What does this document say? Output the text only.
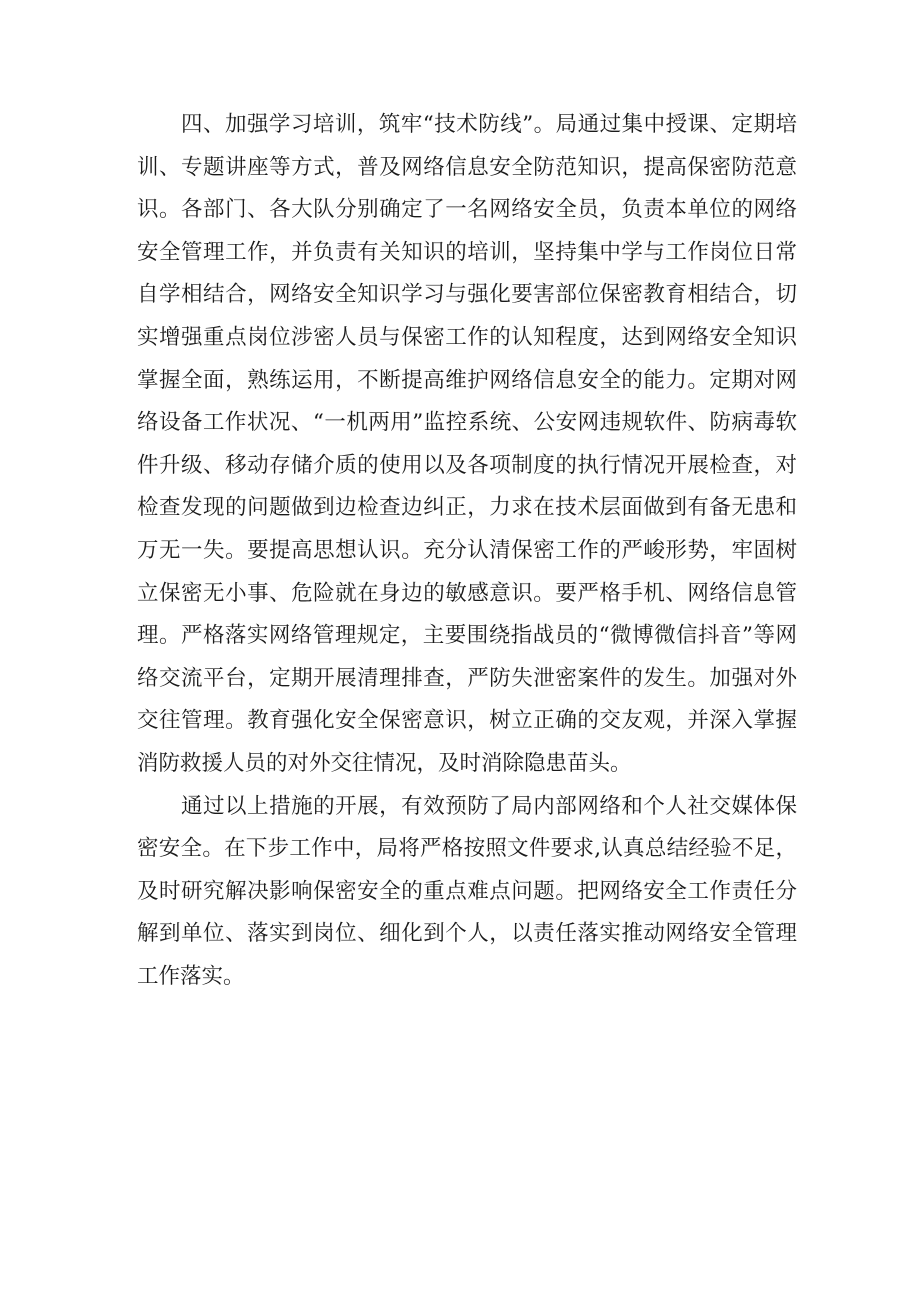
四、加强学习培训，筑牢“技术防线”。局通过集中授课、定期培训、专题讲座等方式，普及网络信息安全防范知识，提高保密防范意识。各部门、各大队分别确定了一名网络安全员，负责本单位的网络安全管理工作，并负责有关知识的培训，坚持集中学与工作岗位日常自学相结合，网络安全知识学习与强化要害部位保密教育相结合，切实增强重点岗位涉密人员与保密工作的认知程度，达到网络安全知识掌握全面，熟练运用，不断提高维护网络信息安全的能力。定期对网络设备工作状况、“一机两用”监控系统、公安网违规软件、防病毒软件升级、移动存储介质的使用以及各项制度的执行情况开展检查，对检查发现的问题做到边检查边纠正，力求在技术层面做到有备无患和万无一失。要提高思想认识。充分认清保密工作的严峻形势，牢固树立保密无小事、危险就在身边的敏感意识。要严格手机、网络信息管理。严格落实网络管理规定，主要围绕指战员的“微博微信抖音”等网络交流平台，定期开展清理排查，严防失泄密案件的发生。加强对外交往管理。教育强化安全保密意识，树立正确的交友观，并深入掌握消防救援人员的对外交往情况，及时消除隐患苗头。

通过以上措施的开展，有效预防了局内部网络和个人社交媒体保密安全。在下步工作中，局将严格按照文件要求,认真总结经验不足，及时研究解决影响保密安全的重点难点问题。把网络安全工作责任分解到单位、落实到岗位、细化到个人，以责任落实推动网络安全管理工作落实。
